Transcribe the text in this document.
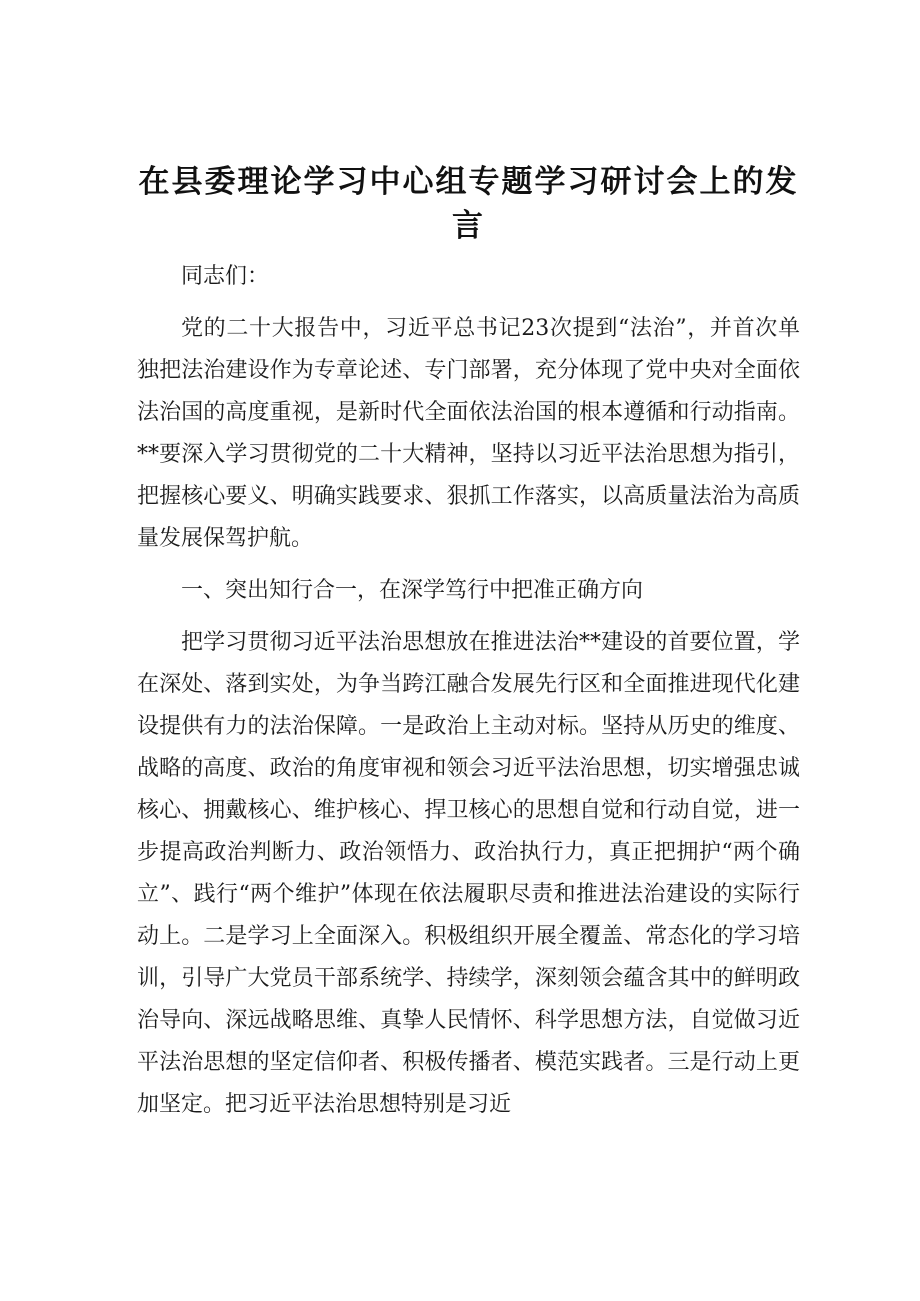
在县委理论学习中心组专题学习研讨会上的发言

同志们：

党的二十大报告中，习近平总书记23次提到“法治”，并首次单独把法治建设作为专章论述、专门部署，充分体现了党中央对全面依法治国的高度重视，是新时代全面依法治国的根本遵循和行动指南。**要深入学习贯彻党的二十大精神，坚持以习近平法治思想为指引，把握核心要义、明确实践要求、狠抓工作落实，以高质量法治为高质量发展保驾护航。

一、突出知行合一，在深学笃行中把准正确方向

把学习贯彻习近平法治思想放在推进法治**建设的首要位置，学在深处、落到实处，为争当跨江融合发展先行区和全面推进现代化建设提供有力的法治保障。一是政治上主动对标。坚持从历史的维度、战略的高度、政治的角度审视和领会习近平法治思想，切实增强忠诚核心、拥戴核心、维护核心、捍卫核心的思想自觉和行动自觉，进一步提高政治判断力、政治领悟力、政治执行力，真正把拥护“两个确立”、践行“两个维护”体现在依法履职尽责和推进法治建设的实际行动上。二是学习上全面深入。积极组织开展全覆盖、常态化的学习培训，引导广大党员干部系统学、持续学，深刻领会蕴含其中的鲜明政治导向、深远战略思维、真挚人民情怀、科学思想方法，自觉做习近平法治思想的坚定信仰者、积极传播者、模范实践者。三是行动上更加坚定。把习近平法治思想特别是习近
